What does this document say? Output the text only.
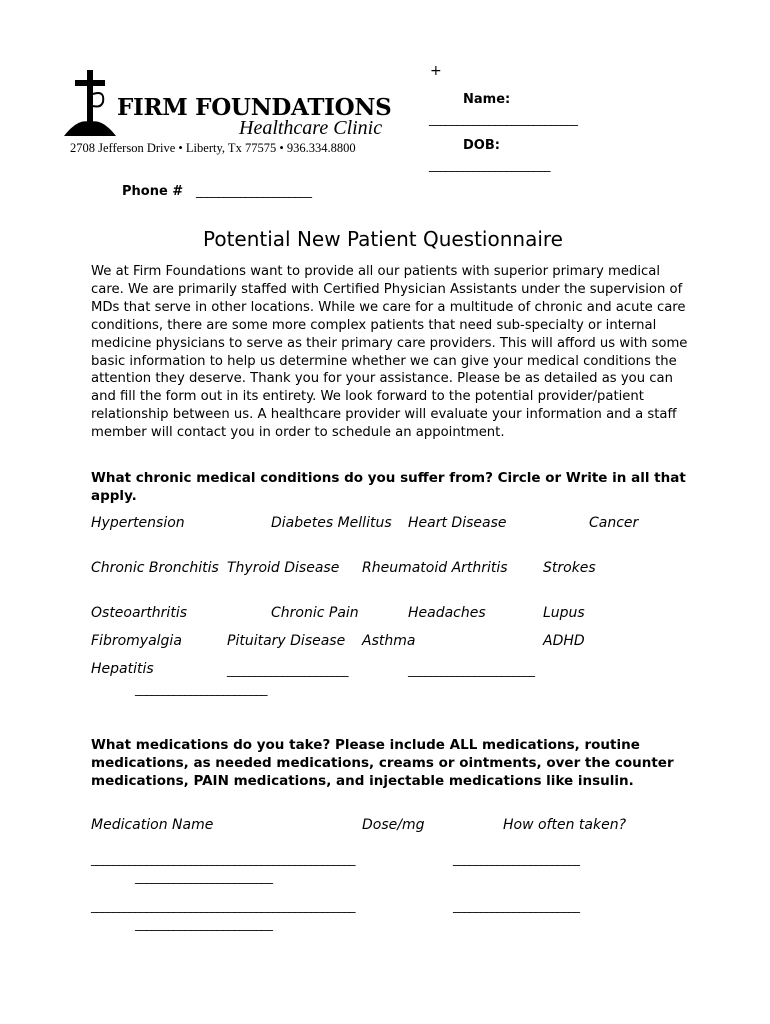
FIRM FOUNDATIONS
Healthcare Clinic
2708 Jefferson Drive • Liberty, Tx 77575 • 936.334.8800
+
Name:
___________________________
DOB:
______________________
Phone # _____________________
Potential New Patient Questionnaire
We at Firm Foundations want to provide all our patients with superior primary medical care. We are primarily staffed with Certified Physician Assistants under the supervision of MDs that serve in other locations. While we care for a multitude of chronic and acute care conditions, there are some more complex patients that need sub-specialty or internal medicine physicians to serve as their primary care providers. This will afford us with some basic information to help us determine whether we can give your medical conditions the attention they deserve. Thank you for your assistance. Please be as detailed as you can and fill the form out in its entirety. We look forward to the potential provider/patient relationship between us. A healthcare provider will evaluate your information and a staff member will contact you in order to schedule an appointment.
What chronic medical conditions do you suffer from? Circle or Write in all that apply.
Hypertension	Diabetes Mellitus Heart Disease	Cancer
Chronic Bronchitis Thyroid Disease Rheumatoid Arthritis	Strokes
Osteoarthritis	Chronic Pain	Headaches	Lupus
Fibromyalgia	Pituitary Disease Asthma	ADHD
Hepatitis	______________________	_______________________
________________________
What medications do you take? Please include ALL medications, routine medications, as needed medications, creams or ointments, over the counter medications, PAIN medications, and injectable medications like insulin.
Medication Name	Dose/mg	How often taken?
________________________________________________	_______________________
_________________________
________________________________________________	_______________________
_________________________
